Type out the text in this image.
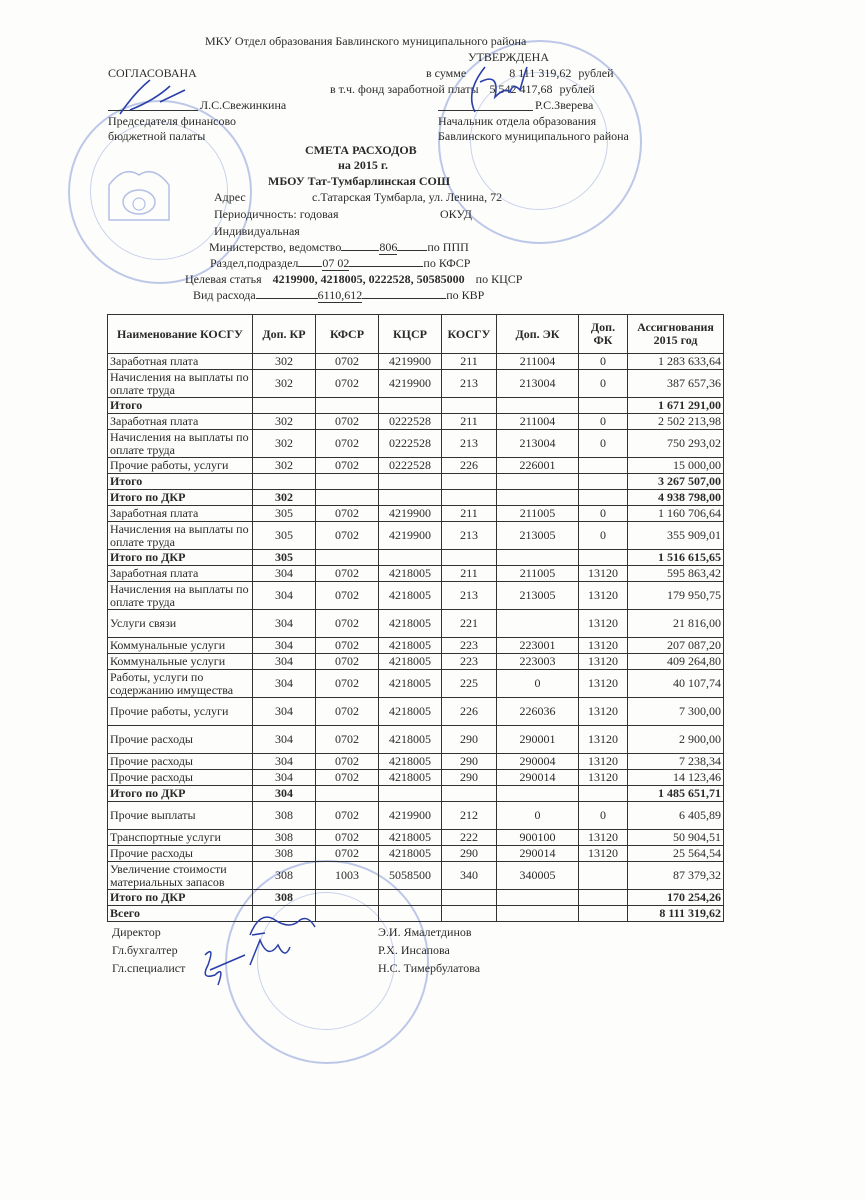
МКУ Отдел образования Бавлинского муниципального района
СОГЛАСОВАНА
Л.С.Свежинкина
Председателя финансово
бюджетной палаты
УТВЕРЖДЕНА
в сумме	8 111 319,62 рублей
в т.ч. фонд заработной платы 5 542 417,68 рублей
Р.С.Зверева
Начальник отдела образования
Бавлинского муниципального района
СМЕТА РАСХОДОВ
на 2015 г.
МБОУ Тат-Тумбарлинская СОШ
Адрес	с.Татарская Тумбарла, ул. Ленина, 72
Периодичность: годовая	ОКУД
Индивидуальная
Министерство, ведомство	806	по ППП
Раздел,подраздел 07 02	по КФСР
Целевая статья 4219900, 4218005, 0222528, 50585000 по КЦСР
Вид расхода	6110,612	по КВР
Наименование КОСГУ	Доп. КР	КФСР	КЦСР	КОСГУ	Доп. ЭК	Доп. ФК	Ассигнования 2015 год
Заработная плата	302	0702	4219900	211	211004	0	1 283 633,64
Начисления на выплаты по оплате труда	302	0702	4219900	213	213004	0	387 657,36
Итого							1 671 291,00
Заработная плата	302	0702	0222528	211	211004	0	2 502 213,98
Начисления на выплаты по оплате труда	302	0702	0222528	213	213004	0	750 293,02
Прочие работы, услуги	302	0702	0222528	226	226001		15 000,00
Итого							3 267 507,00
Итого по ДКР	302						4 938 798,00
Заработная плата	305	0702	4219900	211	211005	0	1 160 706,64
Начисления на выплаты по оплате труда	305	0702	4219900	213	213005	0	355 909,01
Итого по ДКР	305						1 516 615,65
Заработная плата	304	0702	4218005	211	211005	13120	595 863,42
Начисления на выплаты по оплате труда	304	0702	4218005	213	213005	13120	179 950,75
Услуги связи	304	0702	4218005	221		13120	21 816,00
Коммунальные услуги	304	0702	4218005	223	223001	13120	207 087,20
Коммунальные услуги	304	0702	4218005	223	223003	13120	409 264,80
Работы, услуги по содержанию имущества	304	0702	4218005	225	0	13120	40 107,74
Прочие работы, услуги	304	0702	4218005	226	226036	13120	7 300,00
Прочие расходы	304	0702	4218005	290	290001	13120	2 900,00
Прочие расходы	304	0702	4218005	290	290004	13120	7 238,34
Прочие расходы	304	0702	4218005	290	290014	13120	14 123,46
Итого по ДКР	304						1 485 651,71
Прочие выплаты	308	0702	4219900	212	0	0	6 405,89
Транспортные услуги	308	0702	4218005	222	900100	13120	50 904,51
Прочие расходы	308	0702	4218005	290	290014	13120	25 564,54
Увеличение стоимости материальных запасов	308	1003	5058500	340	340005		87 379,32
Итого по ДКР	308						170 254,26
Всего							8 111 319,62
Директор	Э.И. Ямалетдинов
Гл.бухгалтер	Р.Х. Инсапова
Гл.специалист	Н.С. Тимербулатова
